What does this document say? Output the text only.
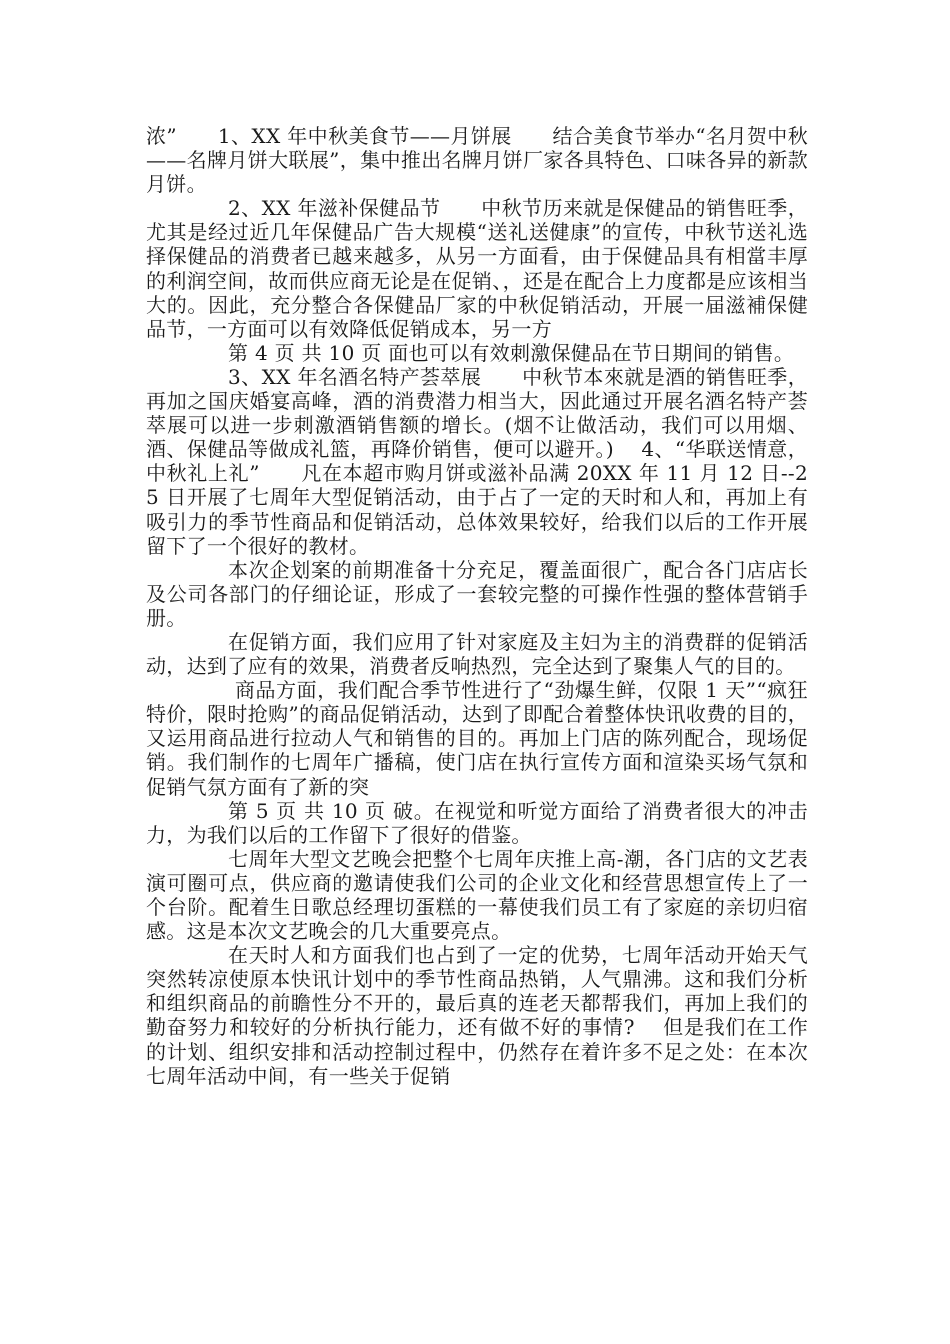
浓”　　1、XX 年中秋美食节——月饼展　　结合美食节举办“名月贺中秋——名牌月饼大联展”，集中推出名牌月饼厂家各具特色、口味各异的新款月饼。

2、XX 年滋补保健品节　　中秋节历来就是保健品的销售旺季，尤其是经过近几年保健品广告大规模“送礼送健康”的宣传，中秋节送礼选择保健品的消费者已越来越多，从另一方面看，由于保健品具有相當丰厚的利润空间，故而供应商无论是在促销、，还是在配合上力度都是应该相当大的。因此，充分整合各保健品厂家的中秋促销活动，开展一届滋補保健品节，一方面可以有效降低促销成本，另一方

第 4 页 共 10 页 面也可以有效刺激保健品在节日期间的销售。

3、XX 年名酒名特产荟萃展　　中秋节本來就是酒的销售旺季，再加之国庆婚宴高峰，酒的消费潜力相当大，因此通过开展名酒名特产荟萃展可以进一步刺激酒销售额的增长。(烟不让做活动，我们可以用烟、酒、保健品等做成礼篮，再降价销售，便可以避开。)　 4、“华联送情意，中秋礼上礼”　　凡在本超市购月饼或滋补品满 20XX 年 11 月 12 日--25 日开展了七周年大型促销活动，由于占了一定的天时和人和，再加上有吸引力的季节性商品和促销活动，总体效果较好，给我们以后的工作开展留下了一个很好的教材。

本次企划案的前期准备十分充足，覆盖面很广，配合各门店店长及公司各部门的仔细论证，形成了一套较完整的可操作性强的整体营销手册。

在促销方面，我们应用了针对家庭及主妇为主的消费群的促销活动，达到了应有的效果，消费者反响热烈，完全达到了聚集人气的目的。

商品方面，我们配合季节性进行了“劲爆生鲜，仅限 1 天”“疯狂特价，限时抢购”的商品促销活动，达到了即配合着整体快讯收费的目的，又运用商品进行拉动人气和销售的目的。再加上门店的陈列配合，现场促销。我们制作的七周年广播稿，使门店在执行宣传方面和渲染买场气氛和促销气氛方面有了新的突

第 5 页 共 10 页 破。在视觉和听觉方面给了消费者很大的冲击力，为我们以后的工作留下了很好的借鉴。

七周年大型文艺晚会把整个七周年庆推上高-潮，各门店的文艺表演可圈可点，供应商的邀请使我们公司的企业文化和经营思想宣传上了一个台阶。配着生日歌总经理切蛋糕的一幕使我们员工有了家庭的亲切归宿感。这是本次文艺晚会的几大重要亮点。

在天时人和方面我们也占到了一定的优势，七周年活动开始天气突然转凉使原本快讯计划中的季节性商品热销，人气鼎沸。这和我们分析和组织商品的前瞻性分不开的，最后真的连老天都帮我们，再加上我们的勤奋努力和较好的分析执行能力，还有做不好的事情?　 但是我们在工作的计划、组织安排和活动控制过程中，仍然存在着许多不足之处：在本次七周年活动中间，有一些关于促销
